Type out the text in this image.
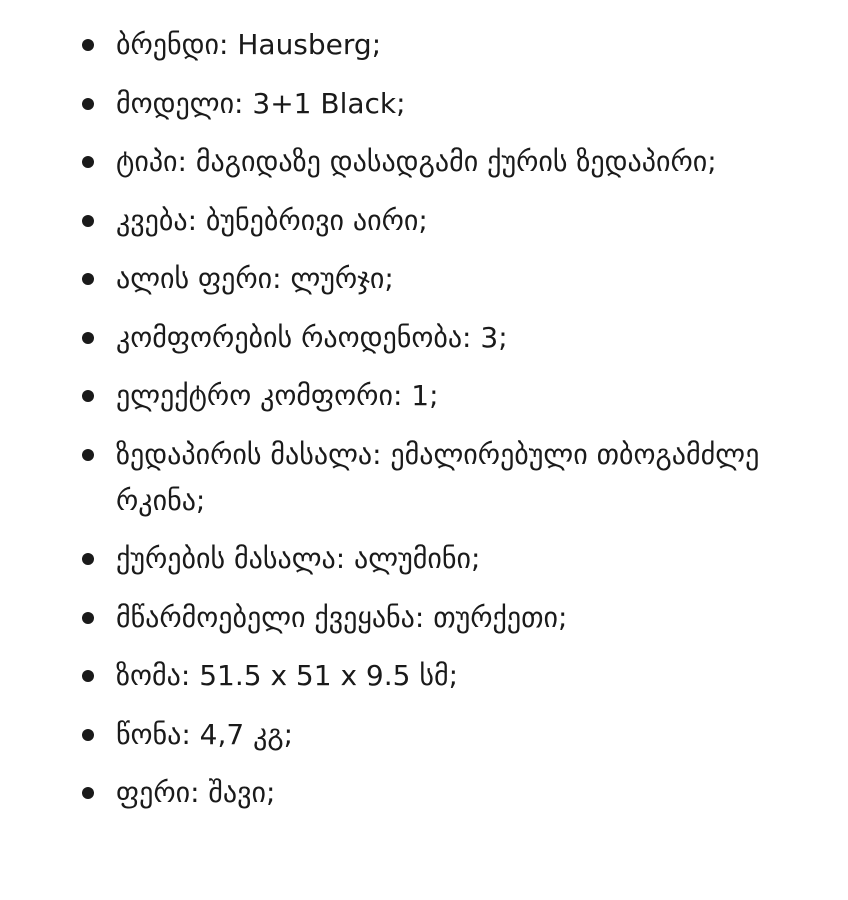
ბრენდი: Hausberg;
მოდელი: 3+1 Black;
ტიპი: მაგიდაზე დასადგამი ქურის ზედაპირი;
კვება: ბუნებრივი აირი;
ალის ფერი: ლურჯი;
კომფორების რაოდენობა: 3;
ელექტრო კომფორი: 1;
ზედაპირის მასალა: ემალირებული თბოგამძლე რკინა;
ქურების მასალა: ალუმინი;
მწარმოებელი ქვეყანა: თურქეთი;
ზომა: 51.5 x 51 x 9.5 სმ;
წონა: 4,7 კგ;
ფერი: შავი;
